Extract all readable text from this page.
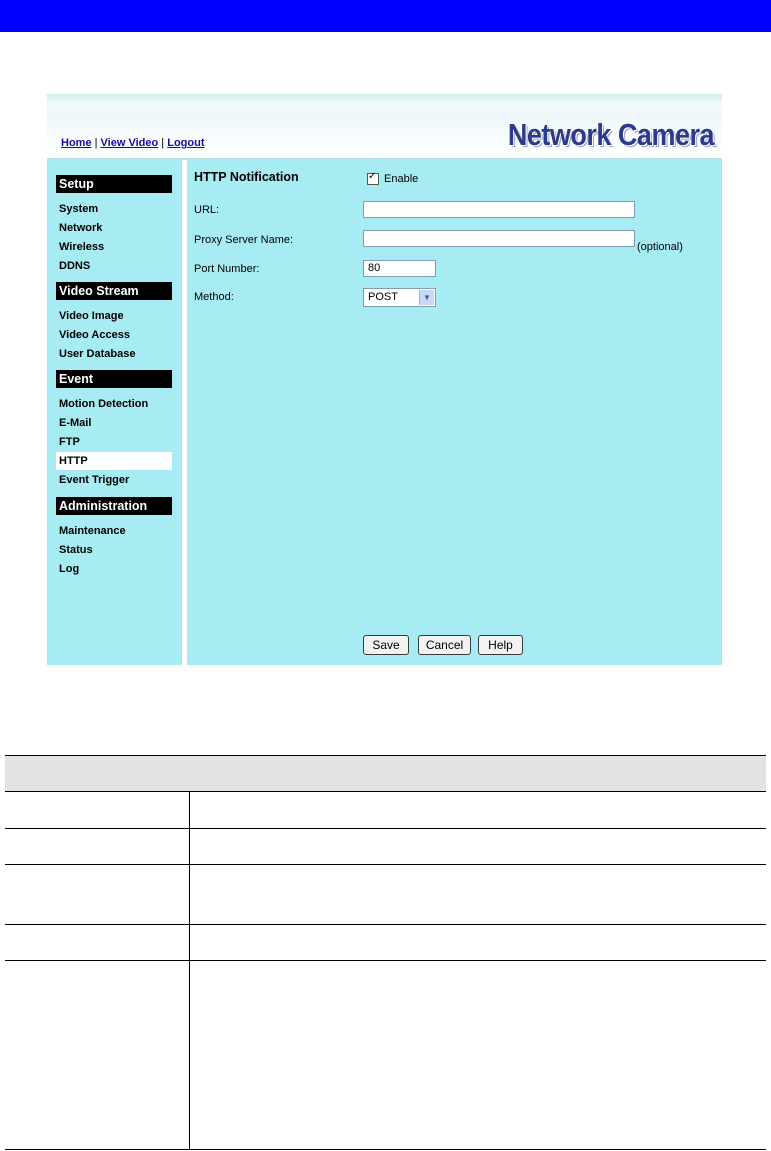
Home | View Video | Logout	Network Camera
Setup
System
Network
Wireless
DDNS
Video Stream
Video Image
Video Access
User Database
Event
Motion Detection
E-Mail
FTP
HTTP
Event Trigger
Administration
Maintenance
Status
Log
HTTP Notification
✓	Enable
URL:
Proxy Server Name:
(optional)
Port Number:	80
Method:	POST	▼
Save	Cancel	Help
